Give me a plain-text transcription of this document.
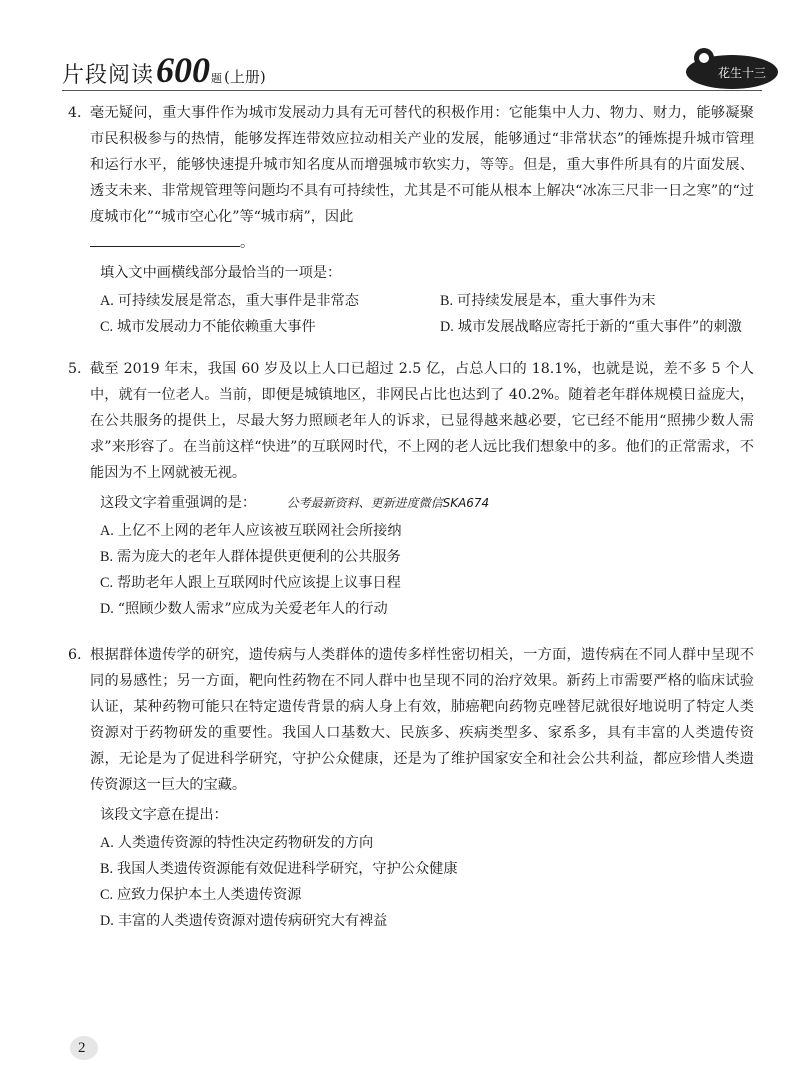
片段阅读 600 题 (上册)	花生十三
4. 毫无疑问，重大事件作为城市发展动力具有无可替代的积极作用：它能集中人力、物力、财力，能够凝聚市民积极参与的热情，能够发挥连带效应拉动相关产业的发展，能够通过“非常状态”的锤炼提升城市管理和运行水平，能够快速提升城市知名度从而增强城市软实力，等等。但是，重大事件所具有的片面发展、透支未来、非常规管理等问题均不具有可持续性，尤其是不可能从根本上解决“冰冻三尺非一日之寒”的“过度城市化”“城市空心化”等“城市病”，因此
。

填入文中画横线部分最恰当的一项是：
A. 可持续发展是常态，重大事件是非常态	B. 可持续发展是本，重大事件为末
C. 城市发展动力不能依赖重大事件	D. 城市发展战略应寄托于新的“重大事件”的刺激
5. 截至 2019 年末，我国 60 岁及以上人口已超过 2.5 亿，占总人口的 18.1%，也就是说，差不多 5 个人中，就有一位老人。当前，即便是城镇地区，非网民占比也达到了 40.2%。随着老年群体规模日益庞大，在公共服务的提供上，尽最大努力照顾老年人的诉求，已显得越来越必要，它已经不能用“照拂少数人需求”来形容了。在当前这样“快进”的互联网时代，不上网的老人远比我们想象中的多。他们的正常需求，不能因为不上网就被无视。

这段文字着重强调的是：	公考最新资料、更新进度微信SKA674
A. 上亿不上网的老年人应该被互联网社会所接纳
B. 需为庞大的老年人群体提供更便利的公共服务
C. 帮助老年人跟上互联网时代应该提上议事日程
D. “照顾少数人需求”应成为关爱老年人的行动
6. 根据群体遗传学的研究，遗传病与人类群体的遗传多样性密切相关，一方面，遗传病在不同人群中呈现不同的易感性；另一方面，靶向性药物在不同人群中也呈现不同的治疗效果。新药上市需要严格的临床试验认证，某种药物可能只在特定遗传背景的病人身上有效，肺癌靶向药物克唑替尼就很好地说明了特定人类资源对于药物研发的重要性。我国人口基数大、民族多、疾病类型多、家系多，具有丰富的人类遗传资源，无论是为了促进科学研究，守护公众健康，还是为了维护国家安全和社会公共利益，都应珍惜人类遗传资源这一巨大的宝藏。

该段文字意在提出：
A. 人类遗传资源的特性决定药物研发的方向
B. 我国人类遗传资源能有效促进科学研究，守护公众健康
C. 应致力保护本土人类遗传资源
D. 丰富的人类遗传资源对遗传病研究大有裨益
2
